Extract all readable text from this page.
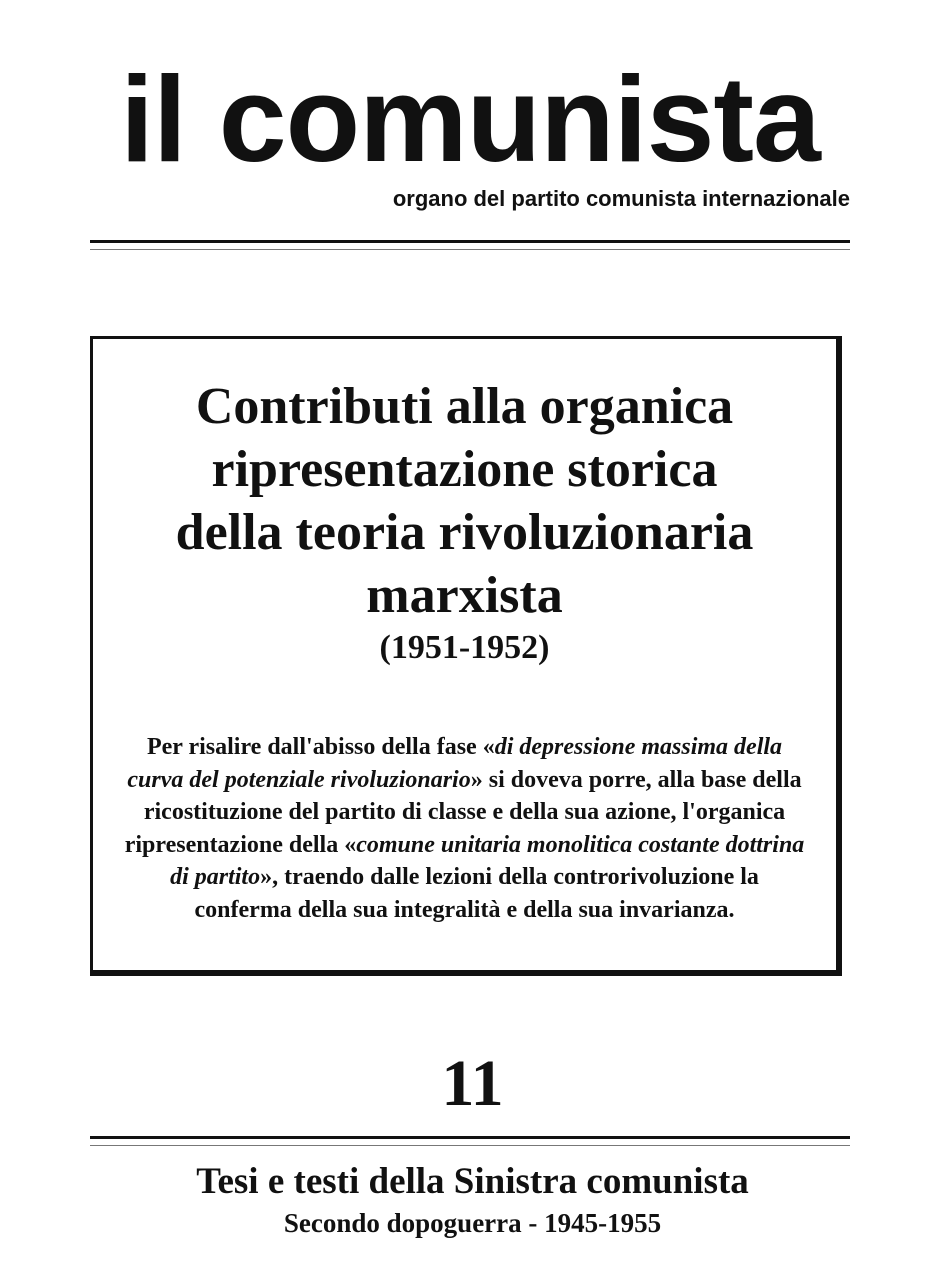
il comunista
organo del partito comunista internazionale
Contributi alla organica
ripresentazione storica
della teoria rivoluzionaria
marxista
(1951-1952)

Per risalire dall'abisso della fase «di depressione massima della curva del potenziale rivoluzionario» si doveva porre, alla base della ricostituzione del partito di classe e della sua azione, l'organica ripresentazione della «comune unitaria monolitica costante dottrina di partito», traendo dalle lezioni della controrivoluzione la conferma della sua integralità e della sua invarianza.

11
Tesi e testi della Sinistra comunista
Secondo dopoguerra - 1945-1955
